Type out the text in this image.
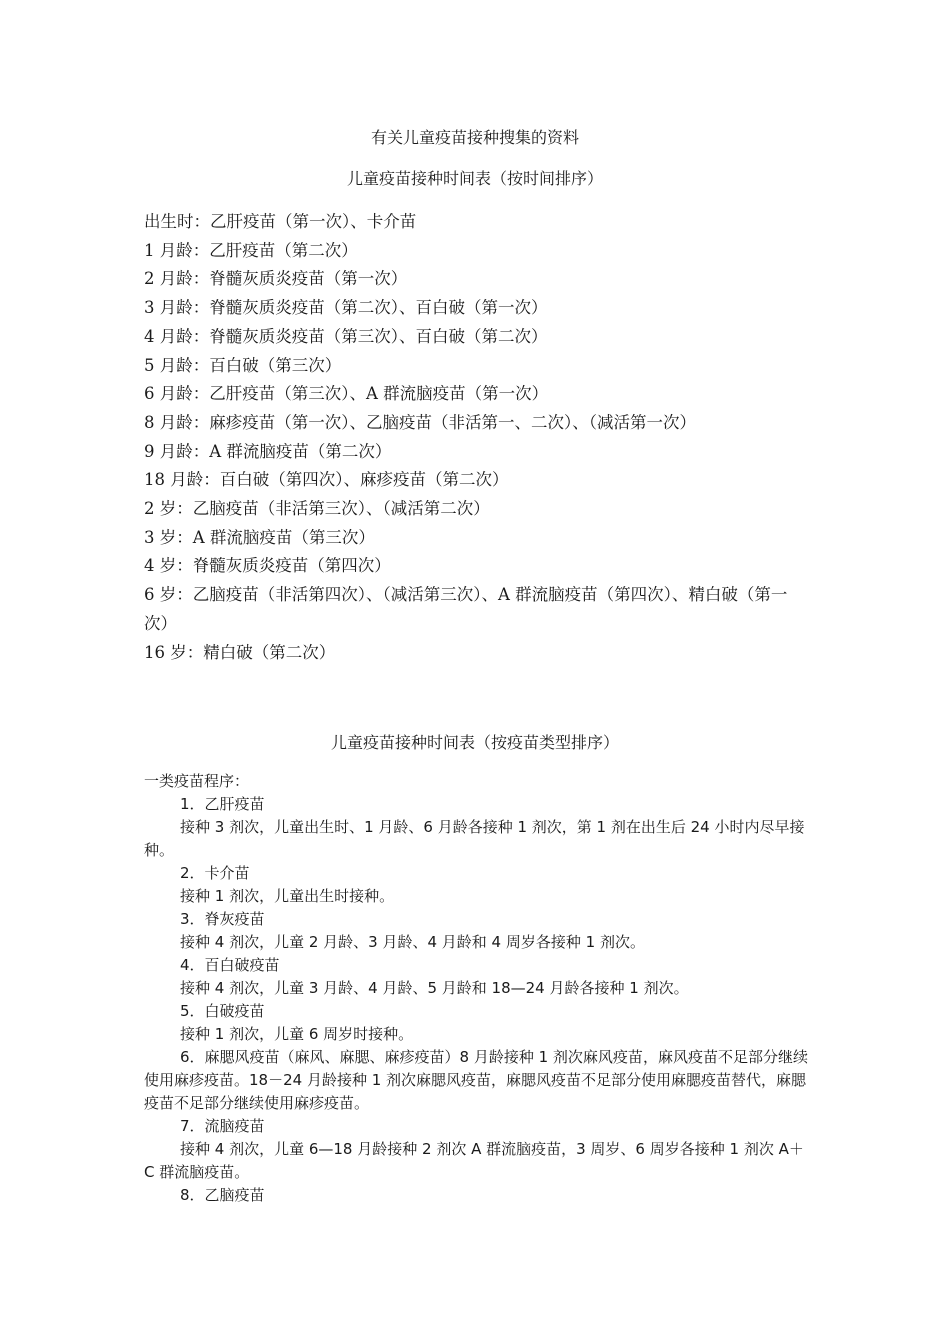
有关儿童疫苗接种搜集的资料
儿童疫苗接种时间表（按时间排序）
出生时：乙肝疫苗（第一次）、卡介苗
1 月龄：乙肝疫苗（第二次）
2 月龄：脊髓灰质炎疫苗（第一次）
3 月龄：脊髓灰质炎疫苗（第二次）、百白破（第一次）
4 月龄：脊髓灰质炎疫苗（第三次）、百白破（第二次）
5 月龄：百白破（第三次）
6 月龄：乙肝疫苗（第三次）、A 群流脑疫苗（第一次）
8 月龄：麻疹疫苗（第一次）、乙脑疫苗（非活第一、二次）、（减活第一次）
9 月龄：A 群流脑疫苗（第二次）
18 月龄：百白破（第四次）、麻疹疫苗（第二次）
2 岁：乙脑疫苗（非活第三次）、（减活第二次）
3 岁：A 群流脑疫苗（第三次）
4 岁：脊髓灰质炎疫苗（第四次）
6 岁：乙脑疫苗（非活第四次）、（减活第三次）、A 群流脑疫苗（第四次）、精白破（第一次）
16 岁：精白破（第二次）
儿童疫苗接种时间表（按疫苗类型排序）

一类疫苗程序：

1．乙肝疫苗
接种 3 剂次，儿童出生时、1 月龄、6 月龄各接种 1 剂次，第 1 剂在出生后 24 小时内尽早接种。
2．卡介苗
接种 1 剂次，儿童出生时接种。
3．脊灰疫苗
接种 4 剂次，儿童 2 月龄、3 月龄、4 月龄和 4 周岁各接种 1 剂次。
4．百白破疫苗
接种 4 剂次，儿童 3 月龄、4 月龄、5 月龄和 18—24 月龄各接种 1 剂次。
5．白破疫苗
接种 1 剂次，儿童 6 周岁时接种。
6．麻腮风疫苗（麻风、麻腮、麻疹疫苗）8 月龄接种 1 剂次麻风疫苗，麻风疫苗不足部分继续使用麻疹疫苗。18－24 月龄接种 1 剂次麻腮风疫苗，麻腮风疫苗不足部分使用麻腮疫苗替代，麻腮疫苗不足部分继续使用麻疹疫苗。
7．流脑疫苗
接种 4 剂次，儿童 6—18 月龄接种 2 剂次 A 群流脑疫苗，3 周岁、6 周岁各接种 1 剂次 A＋C 群流脑疫苗。
8．乙脑疫苗
